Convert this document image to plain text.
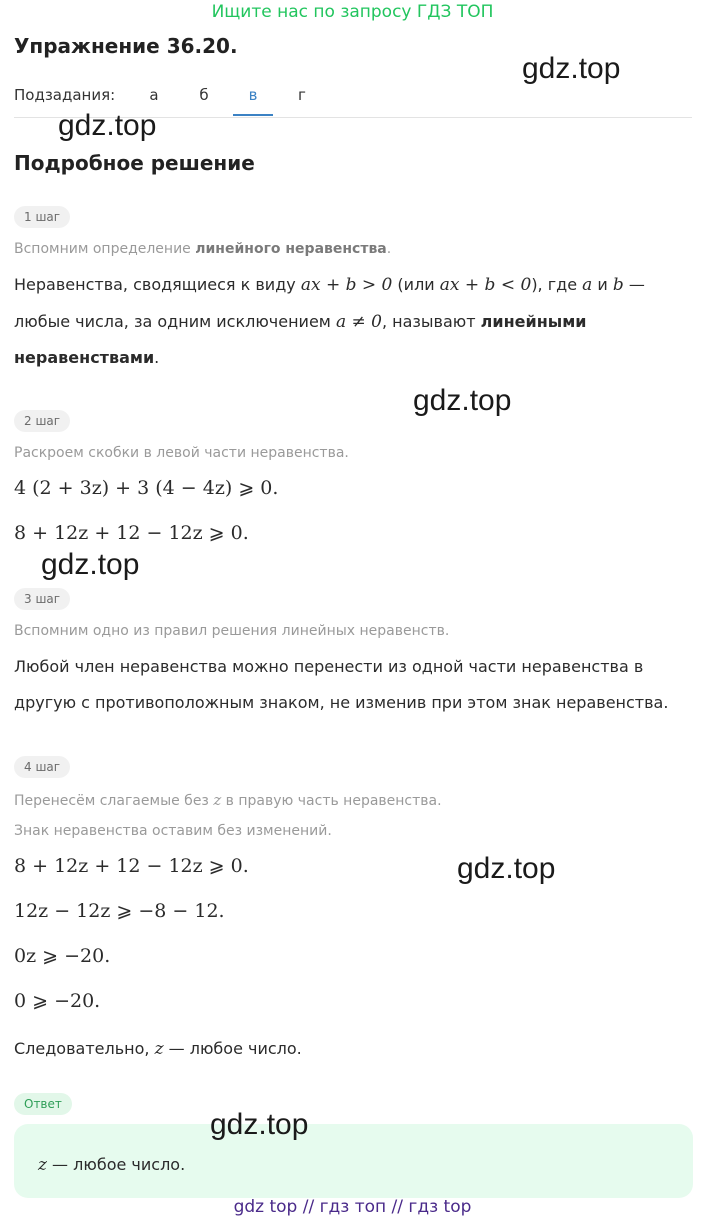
Ищите нас по запросу ГДЗ ТОП
Упражнение 36.20.
Подзадания:	а	б	в	г
gdz.top
gdz.top
Подробное решение
1 шаг
Вспомним определение линейного неравенства.
Неравенства, сводящиеся к виду ax + b > 0 (или ax + b < 0), где a и b —
любые числа, за одним исключением a ≠ 0, называют линейными
неравенствами.
gdz.top
2 шаг
Раскроем скобки в левой части неравенства.
4 (2 + 3z) + 3 (4 − 4z) ⩾ 0.
8 + 12z + 12 − 12z ⩾ 0.
gdz.top
3 шаг
Вспомним одно из правил решения линейных неравенств.
Любой член неравенства можно перенести из одной части неравенства в
другую с противоположным знаком, не изменив при этом знак неравенства.
4 шаг
Перенесём слагаемые без z в правую часть неравенства.
Знак неравенства оставим без изменений.
8 + 12z + 12 − 12z ⩾ 0.	gdz.top
12z − 12z ⩾ −8 − 12.
0z ⩾ −20.
0 ⩾ −20.
Следовательно, z — любое число.
Ответ
z — любое число.
gdz.top
gdz top // гдз топ // гдз top
